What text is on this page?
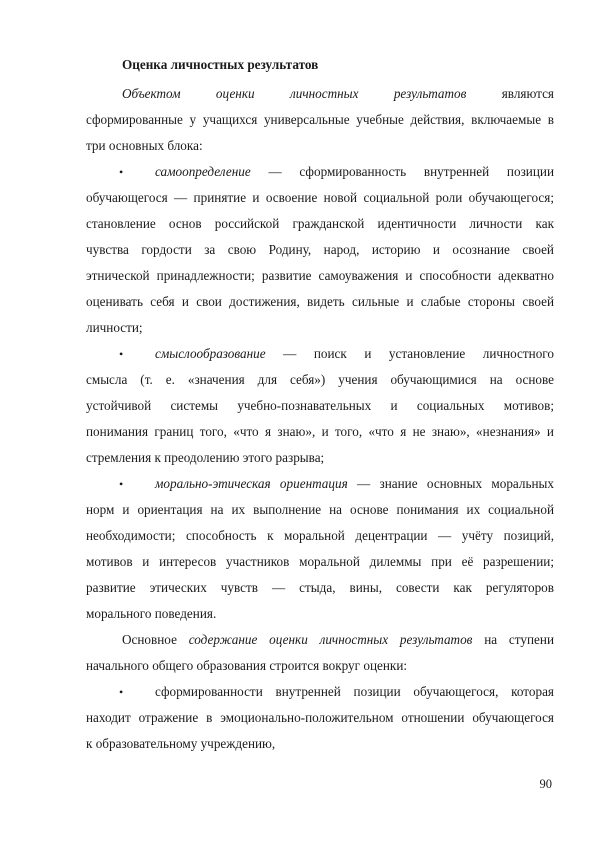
Оценка личностных результатов
Объектом	оценки	личностных	результатов	являются
сформированные у учащихся универсальные учебные действия, включаемые в
три основных блока:
•	самоопределение — сформированность внутренней позиции
обучающегося — принятие и освоение новой социальной роли обучающегося;
становление основ российской гражданской идентичности личности как
чувства гордости за свою Родину, народ, историю и осознание своей
этнической принадлежности; развитие самоуважения и способности адекватно
оценивать себя и свои достижения, видеть сильные и слабые стороны своей
личности;
•	смыслообразование — поиск и установление личностного
смысла (т. е. «значения для себя») учения обучающимися на основе
устойчивой системы учебно-познавательных и социальных мотивов;
понимания границ того, «что я знаю», и того, «что я не знаю», «незнания» и
стремления к преодолению этого разрыва;
•	морально-этическая ориентация — знание основных моральных
норм и ориентация на их выполнение на основе понимания их социальной
необходимости; способность к моральной децентрации — учёту позиций,
мотивов и интересов участников моральной дилеммы при её разрешении;
развитие этических чувств — стыда, вины, совести как регуляторов
морального поведения.
Основное содержание оценки личностных результатов на ступени
начального общего образования строится вокруг оценки:
•	сформированности внутренней позиции обучающегося, которая
находит отражение в эмоционально-положительном отношении обучающегося
к образовательному учреждению,
90
